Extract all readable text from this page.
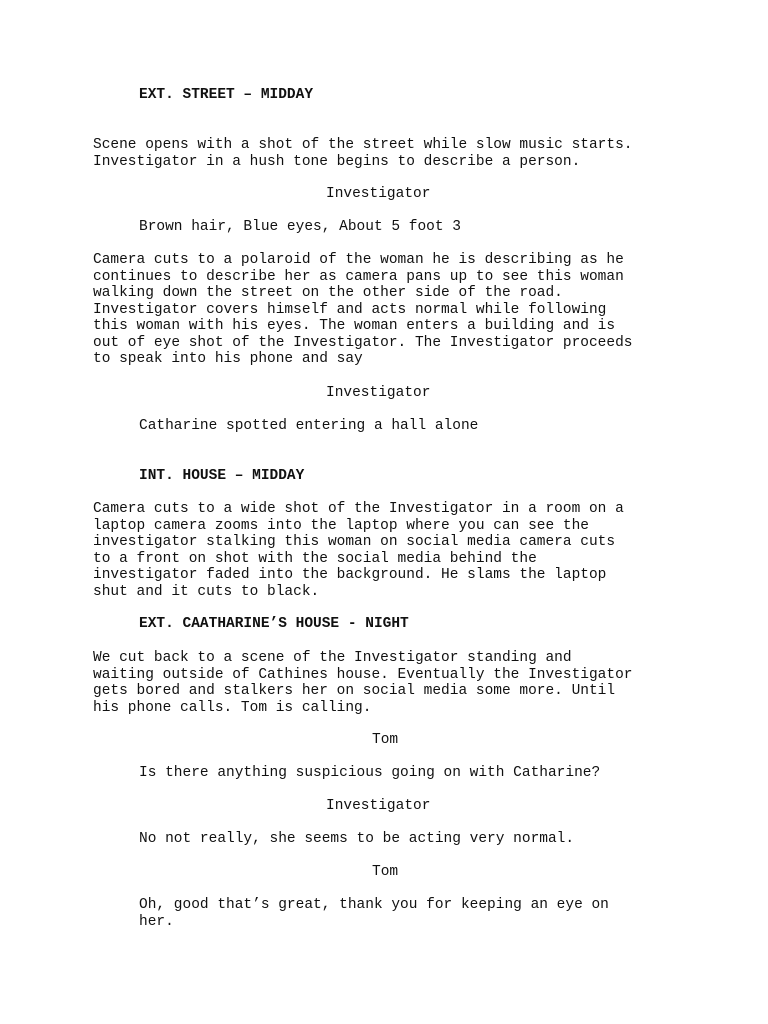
EXT. STREET – MIDDAY

Scene opens with a shot of the street while slow music starts.
Investigator in a hush tone begins to describe a person.

Investigator

Brown hair, Blue eyes, About 5 foot 3

Camera cuts to a polaroid of the woman he is describing as he
continues to describe her as camera pans up to see this woman
walking down the street on the other side of the road.
Investigator covers himself and acts normal while following
this woman with his eyes. The woman enters a building and is
out of eye shot of the Investigator. The Investigator proceeds
to speak into his phone and say

Investigator

Catharine spotted entering a hall alone

INT. HOUSE – MIDDAY

Camera cuts to a wide shot of the Investigator in a room on a
laptop camera zooms into the laptop where you can see the
investigator stalking this woman on social media camera cuts
to a front on shot with the social media behind the
investigator faded into the background. He slams the laptop
shut and it cuts to black.

EXT. CAATHARINE’S HOUSE - NIGHT

We cut back to a scene of the Investigator standing and
waiting outside of Cathines house. Eventually the Investigator
gets bored and stalkers her on social media some more. Until
his phone calls. Tom is calling.

Tom

Is there anything suspicious going on with Catharine?

Investigator

No not really, she seems to be acting very normal.

Tom

Oh, good that’s great, thank you for keeping an eye on
her.
